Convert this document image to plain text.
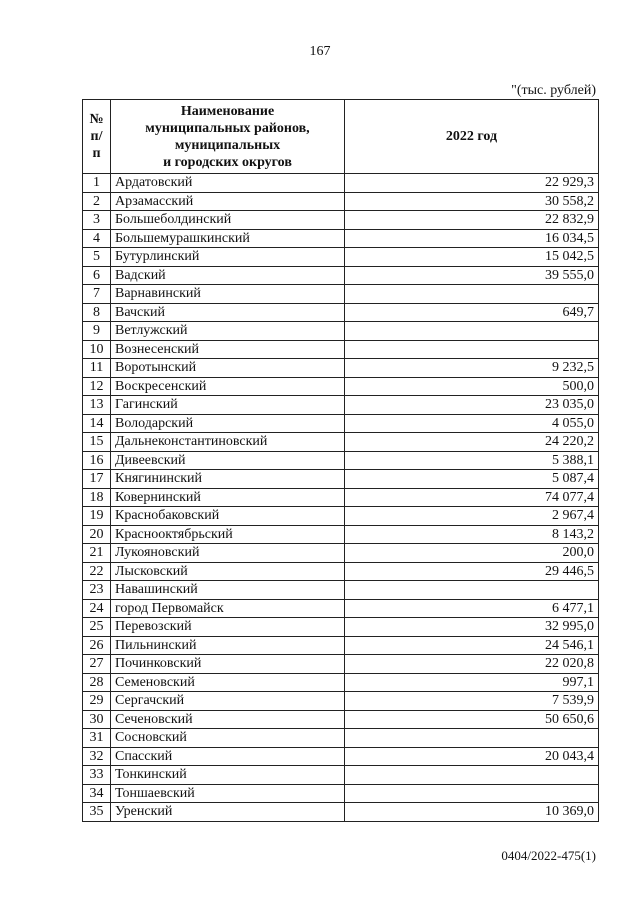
167
"(тыс. рублей)
№
п/п	Наименование
муниципальных районов,
муниципальных
и городских округов	2022 год
1	Ардатовский	22 929,3
2	Арзамасский	30 558,2
3	Большеболдинский	22 832,9
4	Большемурашкинский	16 034,5
5	Бутурлинский	15 042,5
6	Вадский	39 555,0
7	Варнавинский	
8	Вачский	649,7
9	Ветлужский	
10	Вознесенский	
11	Воротынский	9 232,5
12	Воскресенский	500,0
13	Гагинский	23 035,0
14	Володарский	4 055,0
15	Дальнеконстантиновский	24 220,2
16	Дивеевский	5 388,1
17	Княгининский	5 087,4
18	Ковернинский	74 077,4
19	Краснобаковский	2 967,4
20	Краснооктябрьский	8 143,2
21	Лукояновский	200,0
22	Лысковский	29 446,5
23	Навашинский	
24	город Первомайск	6 477,1
25	Перевозский	32 995,0
26	Пильнинский	24 546,1
27	Починковский	22 020,8
28	Семеновский	997,1
29	Сергачский	7 539,9
30	Сеченовский	50 650,6
31	Сосновский	
32	Спасский	20 043,4
33	Тонкинский	
34	Тоншаевский	
35	Уренский	10 369,0
0404/2022-475(1)
